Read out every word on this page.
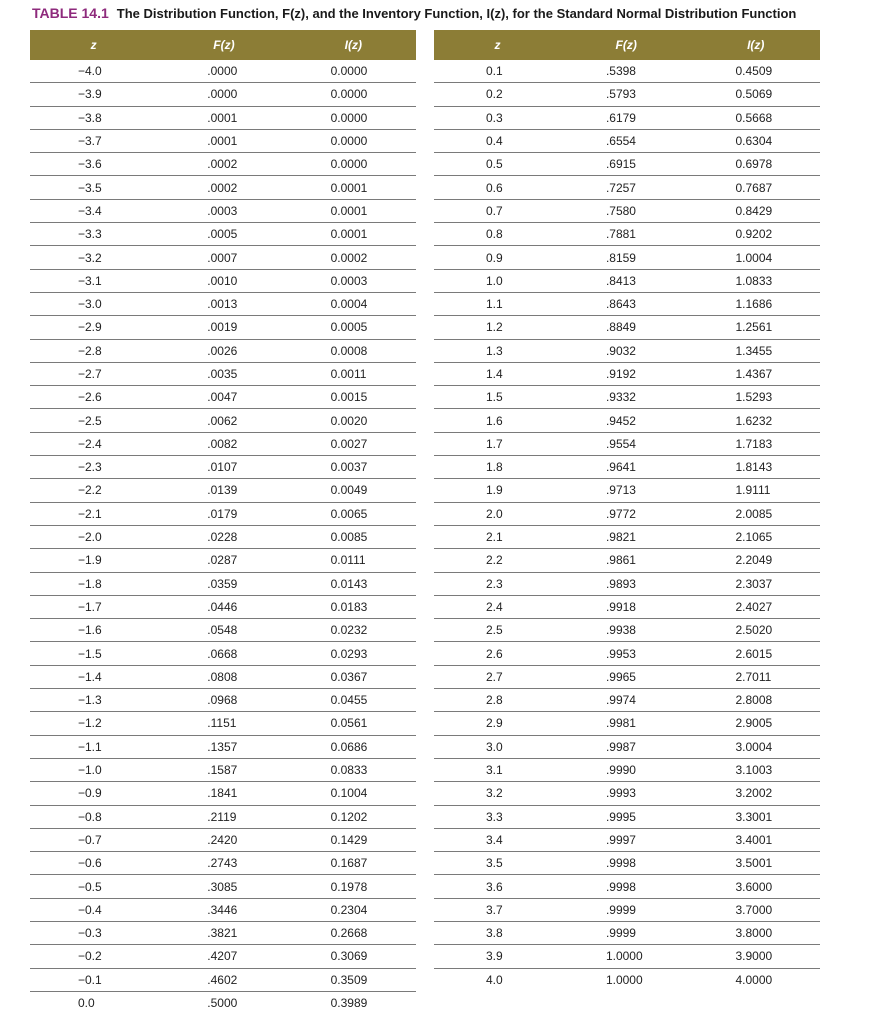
TABLE 14.1 The Distribution Function, F(z), and the Inventory Function, I(z), for the Standard Normal Distribution Function
z	F(z)	I(z)
−4.0	.0000	0.0000
−3.9	.0000	0.0000
−3.8	.0001	0.0000
−3.7	.0001	0.0000
−3.6	.0002	0.0000
−3.5	.0002	0.0001
−3.4	.0003	0.0001
−3.3	.0005	0.0001
−3.2	.0007	0.0002
−3.1	.0010	0.0003
−3.0	.0013	0.0004
−2.9	.0019	0.0005
−2.8	.0026	0.0008
−2.7	.0035	0.0011
−2.6	.0047	0.0015
−2.5	.0062	0.0020
−2.4	.0082	0.0027
−2.3	.0107	0.0037
−2.2	.0139	0.0049
−2.1	.0179	0.0065
−2.0	.0228	0.0085
−1.9	.0287	0.0111
−1.8	.0359	0.0143
−1.7	.0446	0.0183
−1.6	.0548	0.0232
−1.5	.0668	0.0293
−1.4	.0808	0.0367
−1.3	.0968	0.0455
−1.2	.1151	0.0561
−1.1	.1357	0.0686
−1.0	.1587	0.0833
−0.9	.1841	0.1004
−0.8	.2119	0.1202
−0.7	.2420	0.1429
−0.6	.2743	0.1687
−0.5	.3085	0.1978
−0.4	.3446	0.2304
−0.3	.3821	0.2668
−0.2	.4207	0.3069
−0.1	.4602	0.3509
0.0	.5000	0.3989
z	F(z)	I(z)
0.1	.5398	0.4509
0.2	.5793	0.5069
0.3	.6179	0.5668
0.4	.6554	0.6304
0.5	.6915	0.6978
0.6	.7257	0.7687
0.7	.7580	0.8429
0.8	.7881	0.9202
0.9	.8159	1.0004
1.0	.8413	1.0833
1.1	.8643	1.1686
1.2	.8849	1.2561
1.3	.9032	1.3455
1.4	.9192	1.4367
1.5	.9332	1.5293
1.6	.9452	1.6232
1.7	.9554	1.7183
1.8	.9641	1.8143
1.9	.9713	1.9111
2.0	.9772	2.0085
2.1	.9821	2.1065
2.2	.9861	2.2049
2.3	.9893	2.3037
2.4	.9918	2.4027
2.5	.9938	2.5020
2.6	.9953	2.6015
2.7	.9965	2.7011
2.8	.9974	2.8008
2.9	.9981	2.9005
3.0	.9987	3.0004
3.1	.9990	3.1003
3.2	.9993	3.2002
3.3	.9995	3.3001
3.4	.9997	3.4001
3.5	.9998	3.5001
3.6	.9998	3.6000
3.7	.9999	3.7000
3.8	.9999	3.8000
3.9	1.0000	3.9000
4.0	1.0000	4.0000
